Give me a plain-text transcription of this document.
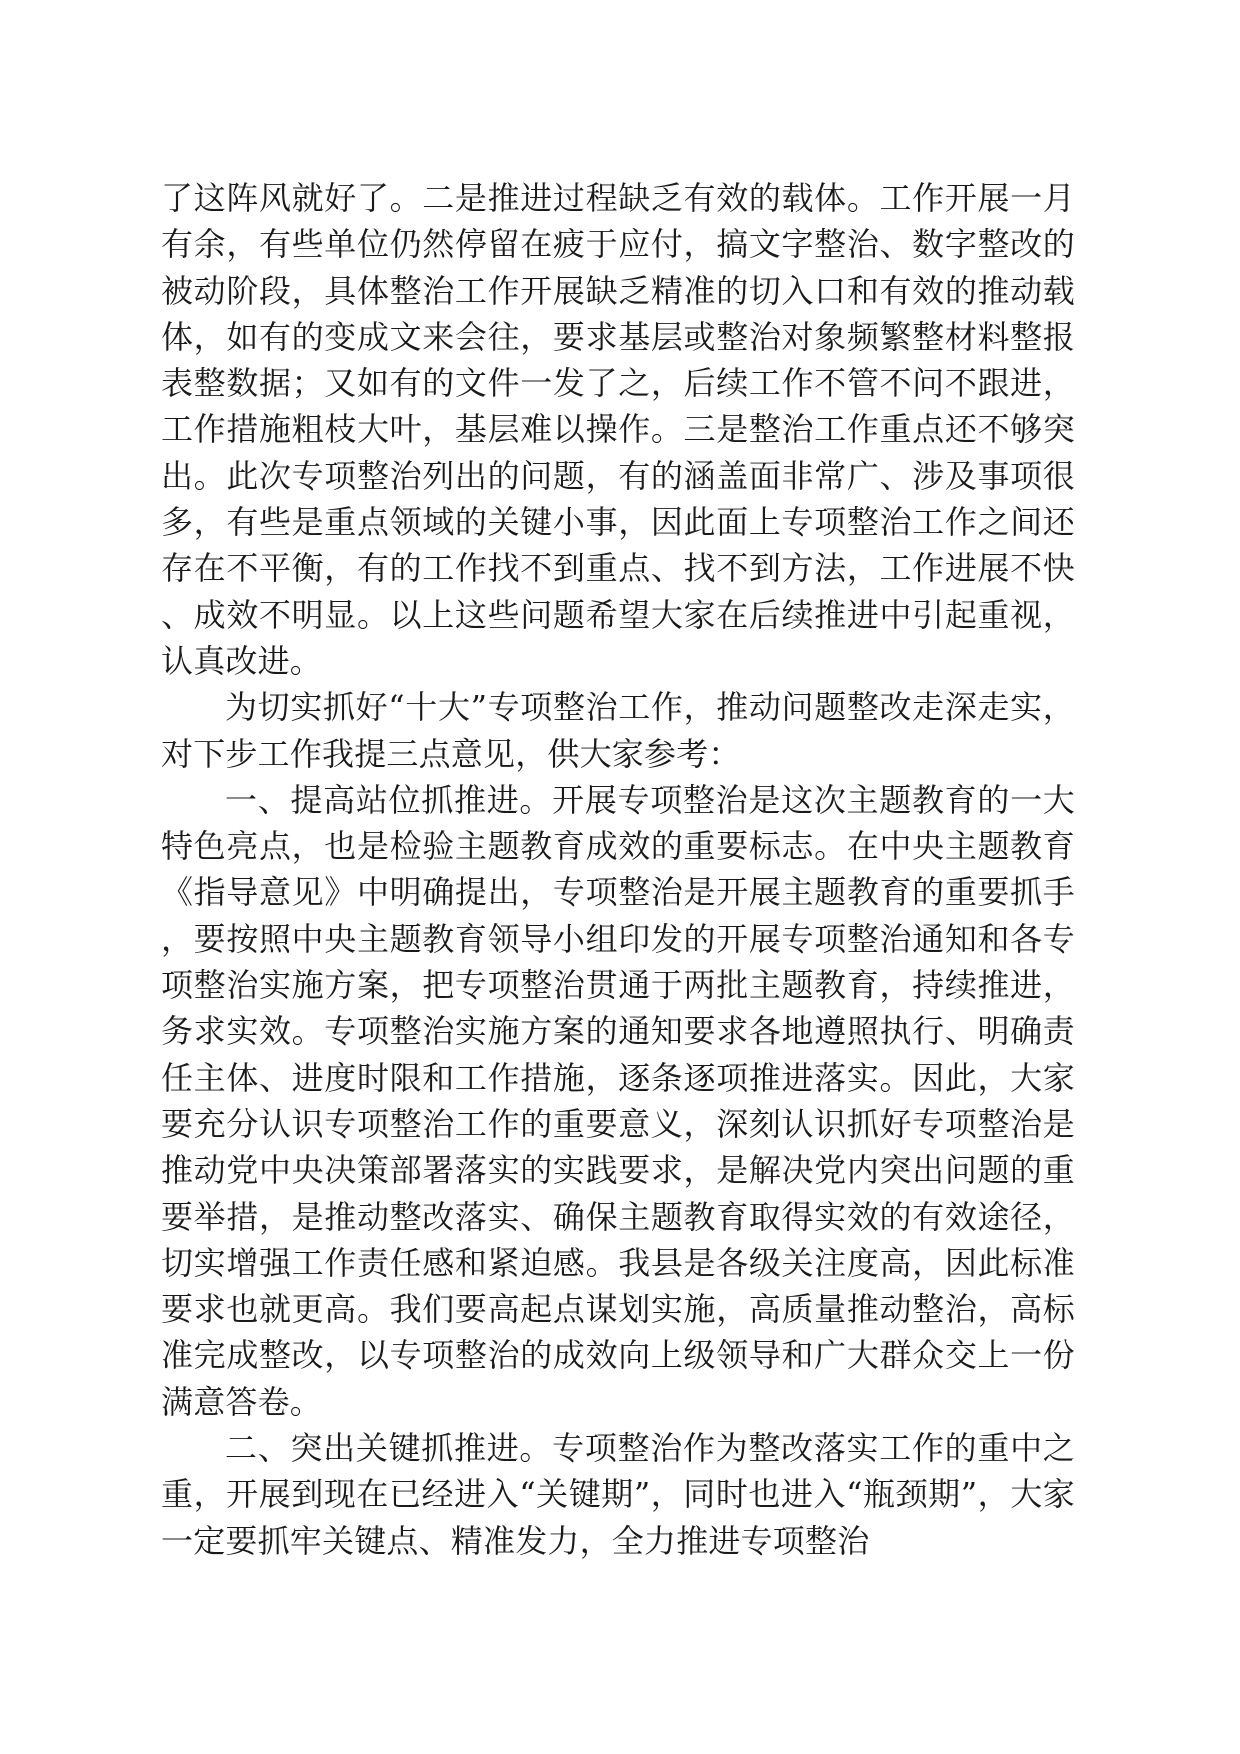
了这阵风就好了。二是推进过程缺乏有效的载体。工作开展一月有余，有些单位仍然停留在疲于应付，搞文字整治、数字整改的被动阶段，具体整治工作开展缺乏精准的切入口和有效的推动载体，如有的变成文来会往，要求基层或整治对象频繁整材料整报表整数据；又如有的文件一发了之，后续工作不管不问不跟进，工作措施粗枝大叶，基层难以操作。三是整治工作重点还不够突出。此次专项整治列出的问题，有的涵盖面非常广、涉及事项很多，有些是重点领域的关键小事，因此面上专项整治工作之间还存在不平衡，有的工作找不到重点、找不到方法，工作进展不快、成效不明显。以上这些问题希望大家在后续推进中引起重视，认真改进。

为切实抓好“十大”专项整治工作，推动问题整改走深走实，对下步工作我提三点意见，供大家参考：

一、提高站位抓推进。开展专项整治是这次主题教育的一大特色亮点，也是检验主题教育成效的重要标志。在中央主题教育《指导意见》中明确提出，专项整治是开展主题教育的重要抓手，要按照中央主题教育领导小组印发的开展专项整治通知和各专项整治实施方案，把专项整治贯通于两批主题教育，持续推进，务求实效。专项整治实施方案的通知要求各地遵照执行、明确责任主体、进度时限和工作措施，逐条逐项推进落实。因此，大家要充分认识专项整治工作的重要意义，深刻认识抓好专项整治是推动党中央决策部署落实的实践要求，是解决党内突出问题的重要举措，是推动整改落实、确保主题教育取得实效的有效途径，切实增强工作责任感和紧迫感。我县是各级关注度高，因此标准要求也就更高。我们要高起点谋划实施，高质量推动整治，高标准完成整改，以专项整治的成效向上级领导和广大群众交上一份满意答卷。

二、突出关键抓推进。专项整治作为整改落实工作的重中之重，开展到现在已经进入“关键期”，同时也进入“瓶颈期”，大家一定要抓牢关键点、精准发力，全力推进专项整治
